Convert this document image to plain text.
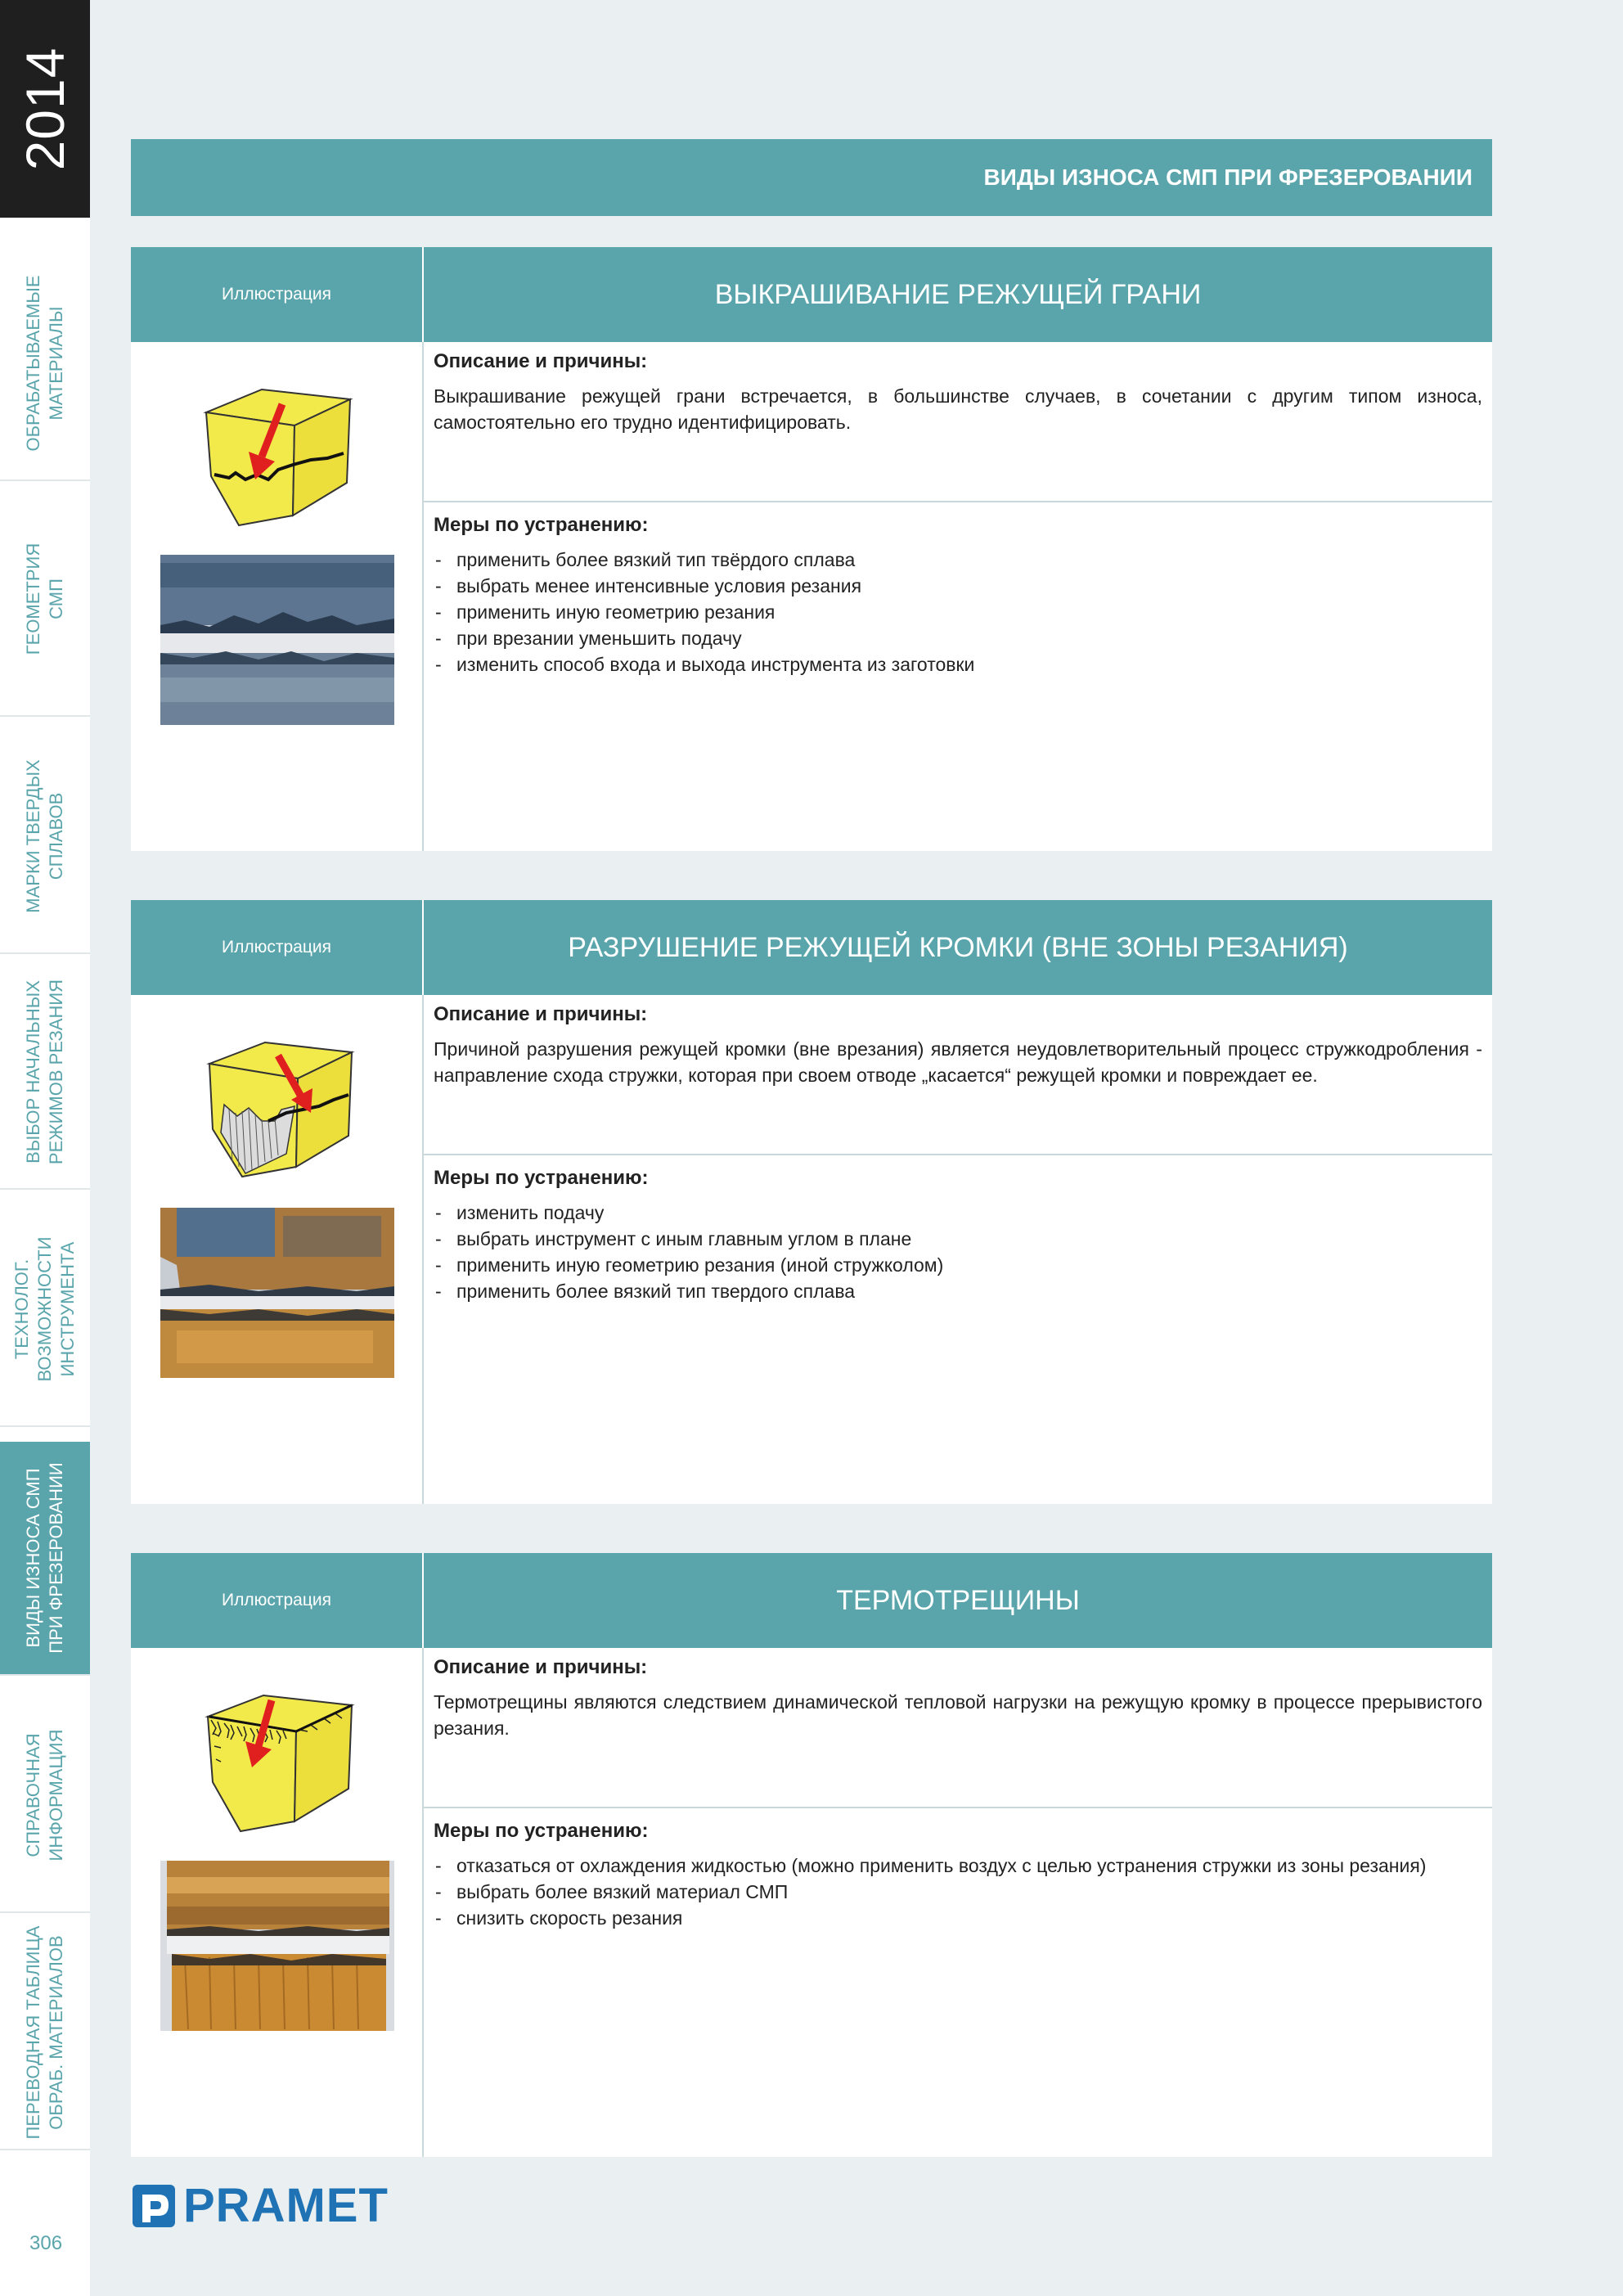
2014
ОБРАБАТЫВАЕМЫЕ
МАТЕРИАЛЫ
ГЕОМЕТРИЯ
СМП
МАРКИ ТВЕРДЫХ
СПЛАВОВ
ВЫБОР НАЧАЛЬНЫХ
РЕЖИМОВ РЕЗАНИЯ
ТЕХНОЛОГ. ВОЗМОЖНОСТИ
ИНСТРУМЕНТА
ВИДЫ ИЗНОСА СМП
ПРИ ФРЕЗЕРОВАНИИ
СПРАВОЧНАЯ
ИНФОРМАЦИЯ
ПЕРЕВОДНАЯ ТАБЛИЦА
ОБРАБ. МАТЕРИАЛОВ
306
ВИДЫ ИЗНОСА СМП ПРИ ФРЕЗЕРОВАНИИ
Иллюстрация	ВЫКРАШИВАНИЕ РЕЖУЩЕЙ ГРАНИ
Описание и причины:
Выкрашивание режущей грани встречается, в большинстве случаев, в сочетании с другим типом износа, самостоятельно его трудно идентифицировать.
Меры по устранению:
- применить более вязкий тип твёрдого сплава
- выбрать менее интенсивные условия резания
- применить иную геометрию резания
- при врезании уменьшить подачу
- изменить способ входа и выхода инструмента из заготовки
Иллюстрация	РАЗРУШЕНИЕ РЕЖУЩЕЙ КРОМКИ (ВНЕ ЗОНЫ РЕЗАНИЯ)
Описание и причины:
Причиной разрушения режущей кромки (вне врезания) является неудовлетворительный процесс стружкодробления - направление схода стружки, которая при своем отводе „касается“ режущей кромки и повреждает ее.
Меры по устранению:
- изменить подачу
- выбрать инструмент с иным главным углом в плане
- применить иную геометрию резания (иной стружколом)
- применить более вязкий тип твердого сплава
Иллюстрация	ТЕРМОТРЕЩИНЫ
Описание и причины:
Термотрещины являются следствием динамической тепловой нагрузки на режущую кромку в процессе прерывистого резания.
Меры по устранению:
- отказаться от охлаждения жидкостью (можно применить воздух с целью устранения стружки из зоны резания)
- выбрать более вязкий материал СМП
- снизить скорость резания
PRAMET
